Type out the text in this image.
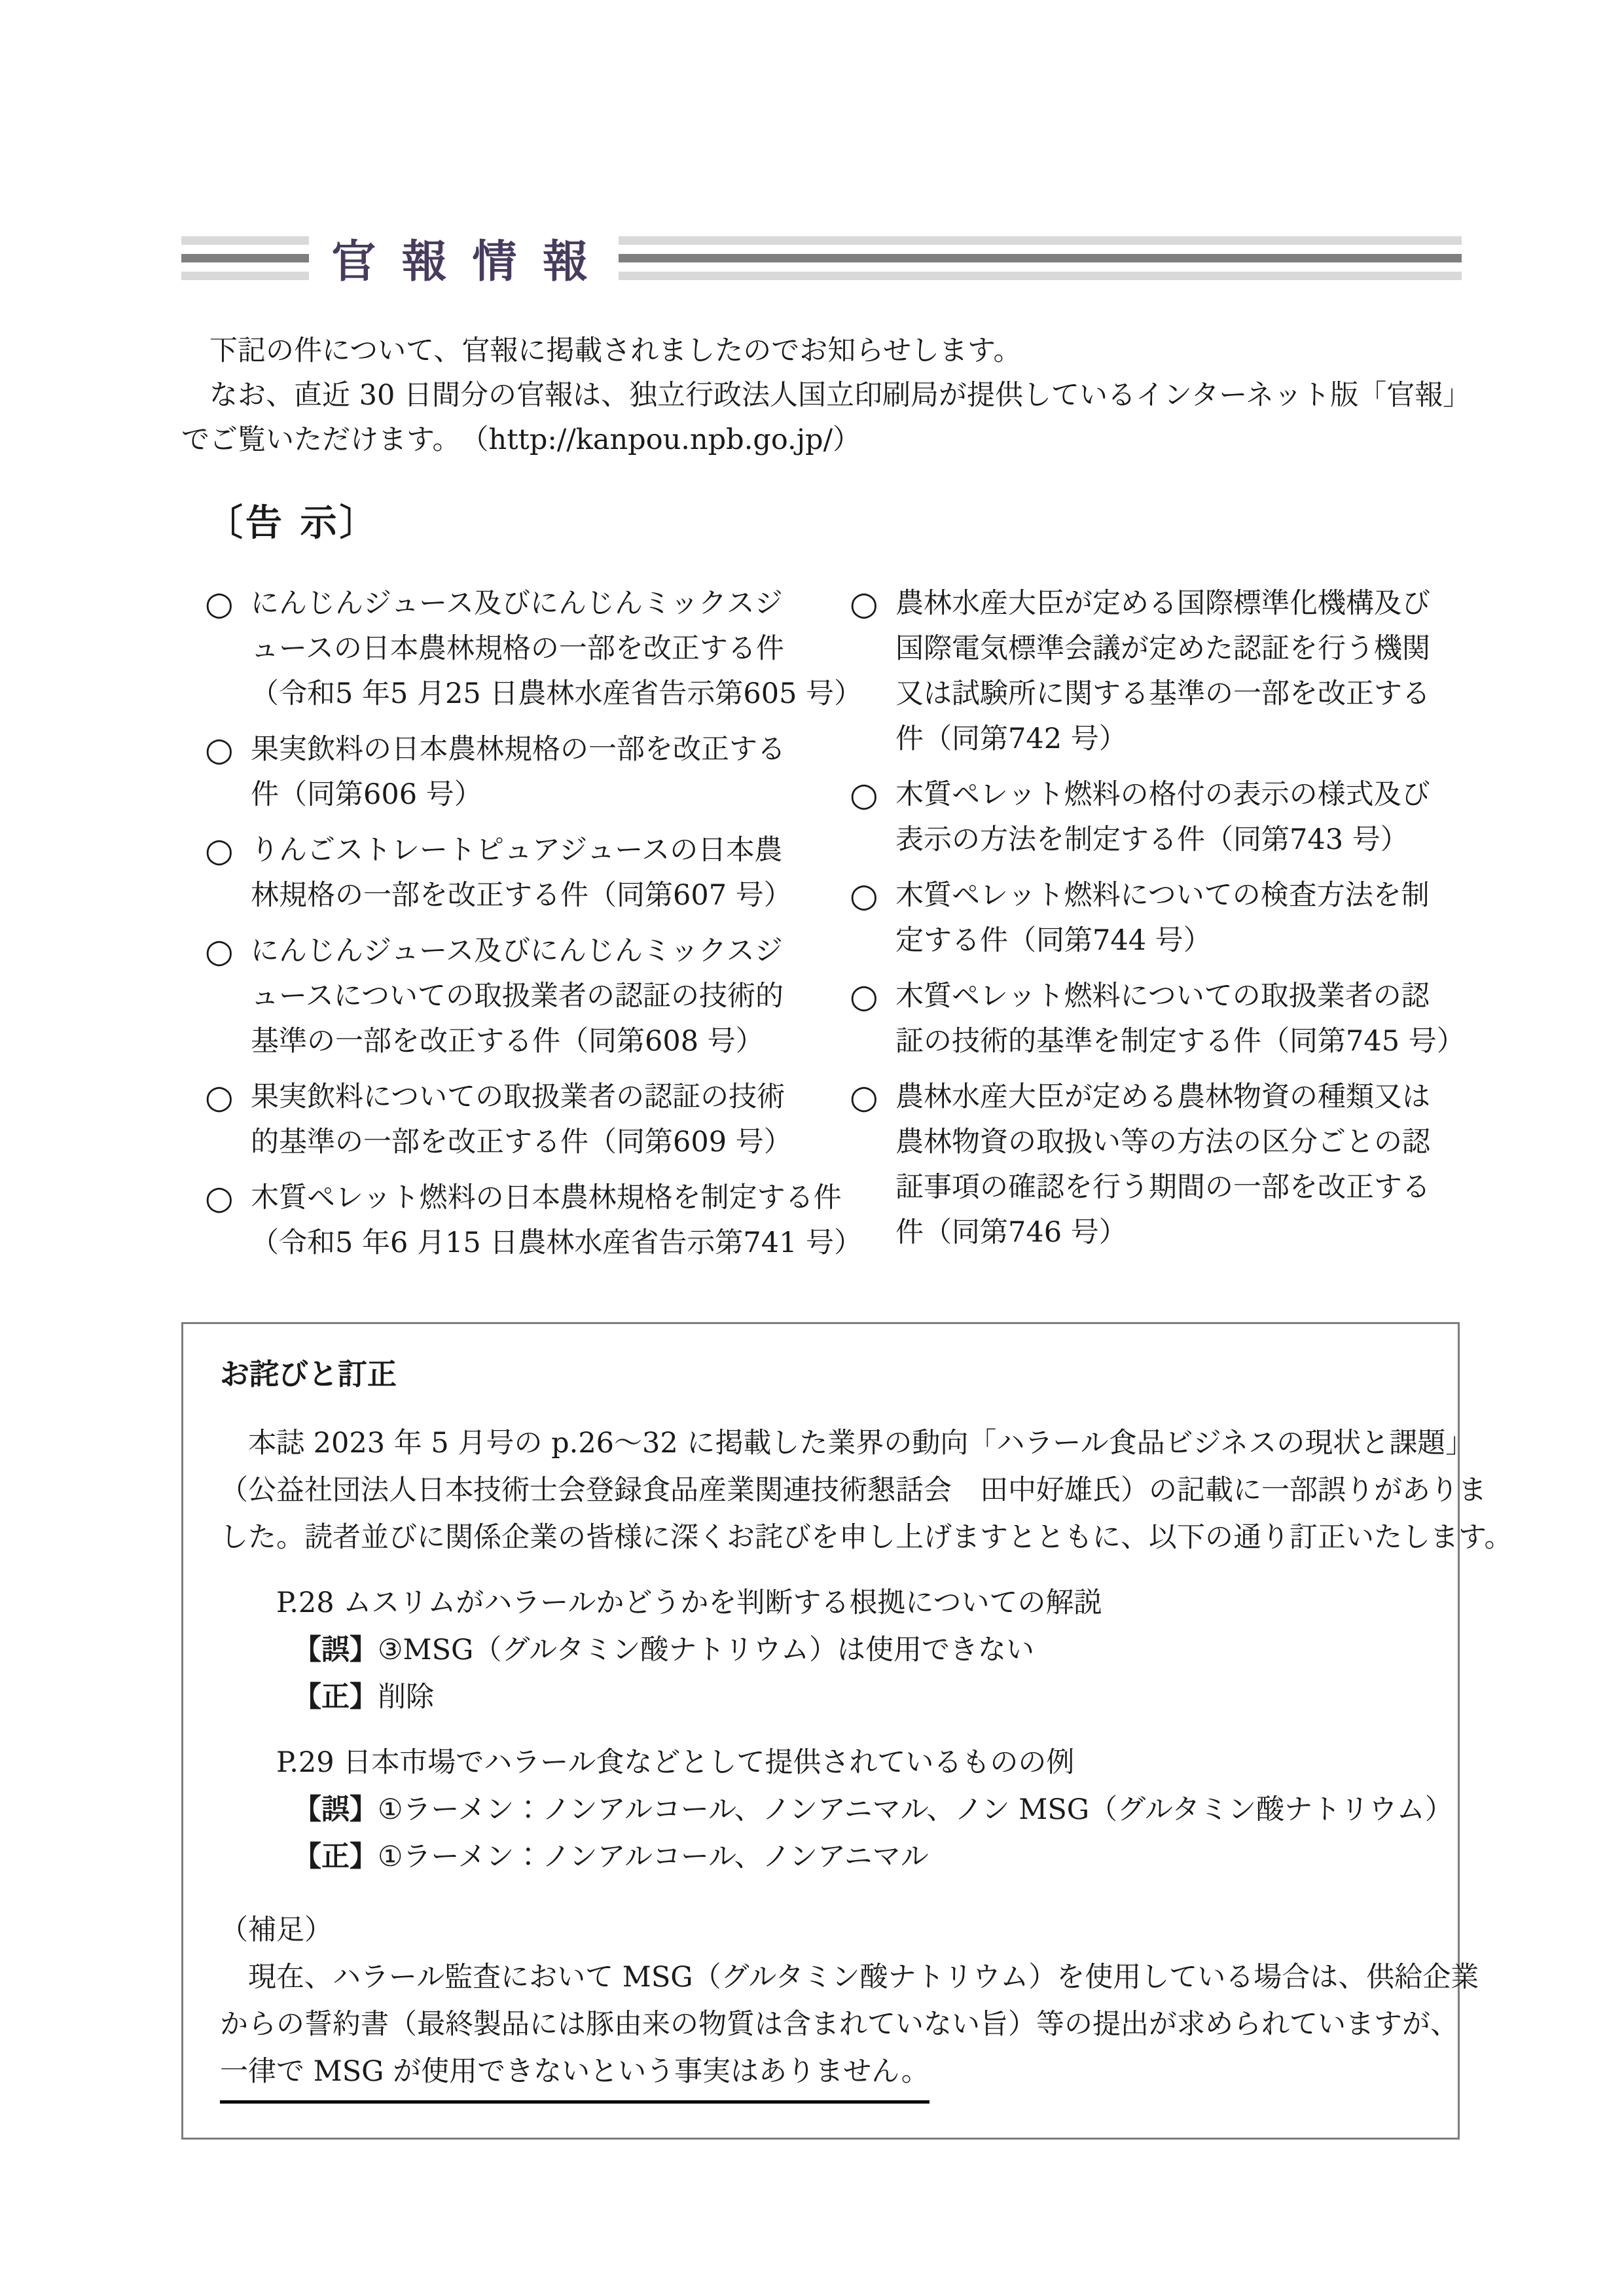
官 報 情 報
　下記の件について、官報に掲載されましたのでお知らせします。
　なお、直近 30 日間分の官報は、独立行政法人国立印刷局が提供しているインターネット版「官報」
でご覧いただけます。　（http://kanpou.npb.go.jp/）
〔告 示〕
○ にんじんジュース及びにんじんミックスジ
ュースの日本農林規格の一部を改正する件
（令和5 年5 月25 日農林水産省告示第605 号）
○ 果実飲料の日本農林規格の一部を改正する
件（同第606 号）
○ りんごストレートピュアジュースの日本農
林規格の一部を改正する件（同第607 号）
○ にんじんジュース及びにんじんミックスジ
ュースについての取扱業者の認証の技術的
基準の一部を改正する件（同第608 号）
○ 果実飲料についての取扱業者の認証の技術
的基準の一部を改正する件（同第609 号）
○ 木質ペレット燃料の日本農林規格を制定する件
（令和5 年6 月15 日農林水産省告示第741 号）
○ 農林水産大臣が定める国際標準化機構及び
国際電気標準会議が定めた認証を行う機関
又は試験所に関する基準の一部を改正する
件（同第742 号）
○ 木質ペレット燃料の格付の表示の様式及び
表示の方法を制定する件（同第743 号）
○ 木質ペレット燃料についての検査方法を制
定する件（同第744 号）
○ 木質ペレット燃料についての取扱業者の認
証の技術的基準を制定する件（同第745 号）
○ 農林水産大臣が定める農林物資の種類又は
農林物資の取扱い等の方法の区分ごとの認
証事項の確認を行う期間の一部を改正する
件（同第746 号）
お詫びと訂正
　本誌 2023 年 5 月号の p.26～32 に掲載した業界の動向「ハラール食品ビジネスの現状と課題」
（公益社団法人日本技術士会登録食品産業関連技術懇話会　田中好雄氏）の記載に一部誤りがありま
した。読者並びに関係企業の皆様に深くお詫びを申し上げますとともに、以下の通り訂正いたします。
P.28 ムスリムがハラールかどうかを判断する根拠についての解説
【誤】③MSG（グルタミン酸ナトリウム）は使用できない
【正】削除
P.29 日本市場でハラール食などとして提供されているものの例
【誤】①ラーメン：ノンアルコール、ノンアニマル、ノン MSG（グルタミン酸ナトリウム）
【正】①ラーメン：ノンアルコール、ノンアニマル
（補足）
　現在、ハラール監査において MSG（グルタミン酸ナトリウム）を使用している場合は、供給企業
からの誓約書（最終製品には豚由来の物質は含まれていない旨）等の提出が求められていますが、
一律で MSG が使用できないという事実はありません。
